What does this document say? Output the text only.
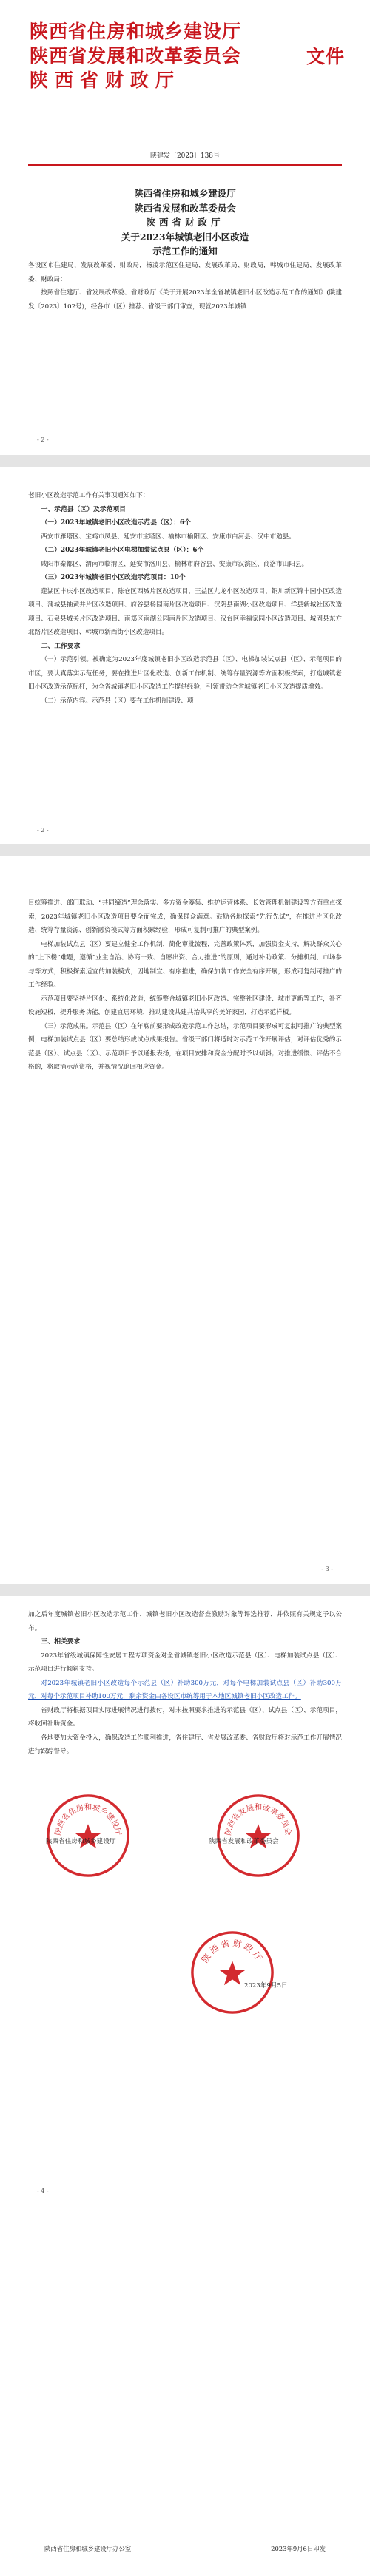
陕西省住房和城乡建设厅
陕西省发展和改革委员会
陕西省财政厅
文件
陕建发〔2023〕138号
陕西省住房和城乡建设厅
陕西省发展和改革委员会
陕西省财政厅
关于2023年城镇老旧小区改造
示范工作的通知

各设区市住建局、发展改革委、财政局，杨凌示范区住建局、发展改革局、财政局，韩城市住建局、发展改革委、财政局：

按照省住建厅、省发展改革委、省财政厅《关于开展2023年全省城镇老旧小区改造示范工作的通知》(陕建发〔2023〕102号)，经各市（区）推荐、省级三部门审查，现就2023年城镇

- 2 -

老旧小区改造示范工作有关事项通知如下：

一、示范县（区）及示范项目

（一）2023年城镇老旧小区改造示范县（区）：6个

西安市雁塔区、宝鸡市凤县、延安市宝塔区、榆林市榆阳区、安康市白河县、汉中市勉县。

（二）2023年城镇老旧小区电梯加装试点县（区）：6个

咸阳市秦都区、渭南市临渭区、延安市洛川县、榆林市府谷县、安康市汉滨区、商洛市山阳县。

（三）2023年城镇老旧小区改造示范项目：10个

莲湖区丰庆小区改造项目、陈仓区西城片区改造项目、王益区九龙小区改造项目、铜川新区锦丰园小区改造项目、蒲城县抽黄井片区改造项目、府谷县杨园南片区改造项目、汉阴县南湖小区改造项目、洋县新城社区改造项目、石泉县城关片区改造项目、南郑区南湖公园南片区改造项目、汉台区幸福家园小区改造项目、城固县东方北路片区改造项目、韩城市新西街小区改造项目。

二、工作要求

（一）示范引领。被确定为2023年度城镇老旧小区改造示范县（区）、电梯加装试点县（区）、示范项目的市区，要认真落实示范任务，要在推进片区化改造、创新工作机制、统筹存量资源等方面积极探索，打造城镇老旧小区改造示范标杆，为全省城镇老旧小区改造工作提供经验，引领带动全省城镇老旧小区改造提质增效。

（二）示范内容。示范县（区）要在工作机制建设、项

- 2 -

目统筹推进、部门联动、“共同缔造”理念落实、多方资金筹集、维护运营体系、长效管理机制建设等方面重点探索，2023年城镇老旧小区改造项目要全面完成，确保群众满意。鼓励各地探索“先行先试”，在推进片区化改造、统筹存量资源、创新融资模式等方面积累经验，形成可复制可推广的典型案例。

电梯加装试点县（区）要建立健全工作机制，简化审批流程，完善政策体系，加强资金支持，解决群众关心的“上下楼”难题，遵循“业主自治、协商一致、自愿出资、合力推进”的原则，通过补助政策、分摊机制、市场参与等方式，积极探索适宜的加装模式，因地制宜、有序推进，确保加装工作安全有序开展，形成可复制可推广的工作经验。

示范项目要坚持片区化、系统化改造，统筹整合城镇老旧小区改造、完整社区建设、城市更新等工作，补齐设施短板，提升服务功能，创建宜居环境，推动建设共建共治共享的美好家园，打造示范样板。

（三）示范成果。示范县（区）在年底前要形成改造示范工作总结，示范项目要形成可复制可推广的典型案例；电梯加装试点县（区）要总结形成试点成果报告。省级三部门将适时对示范工作开展评估，对评估优秀的示范县（区）、试点县（区）、示范项目予以通报表扬，在项目安排和资金分配时予以倾斜；对推进缓慢、评估不合格的，将取消示范资格，并视情况追回相应资金。

- 3 -

加之后年度城镇老旧小区改造示范工作、城镇老旧小区改造督查激励对象等评选推荐、并依照有关规定予以公布。

三、相关要求

2023年省级城镇保障性安居工程专项资金对全省城镇老旧小区改造示范县（区）、电梯加装试点县（区）、示范项目进行倾斜支持。

对2023年城镇老旧小区改造每个示范县（区）补助300万元，对每个电梯加装试点县（区）补助300万元，对每个示范项目补助100万元，剩余资金由各设区市统筹用于本地区城镇老旧小区改造工作。

省财政厅将根据项目实际进展情况进行拨付，对未按照要求推进的示范县（区）、试点县（区）、示范项目，将收回补助资金。

各地要加大资金投入，确保改造工作顺利推进，省住建厅、省发展改革委、省财政厅将对示范工作开展情况进行跟踪督导。

陕西省住房和城乡建设厅
陕西省住房和城乡建设厅
陕西省发展和改革委员会
陕西省发展和改革委员会
陕西省财政厅
2023年9月5日
- 4 -
陕西省住房和城乡建设厅办公室	2023年9月6日印发
